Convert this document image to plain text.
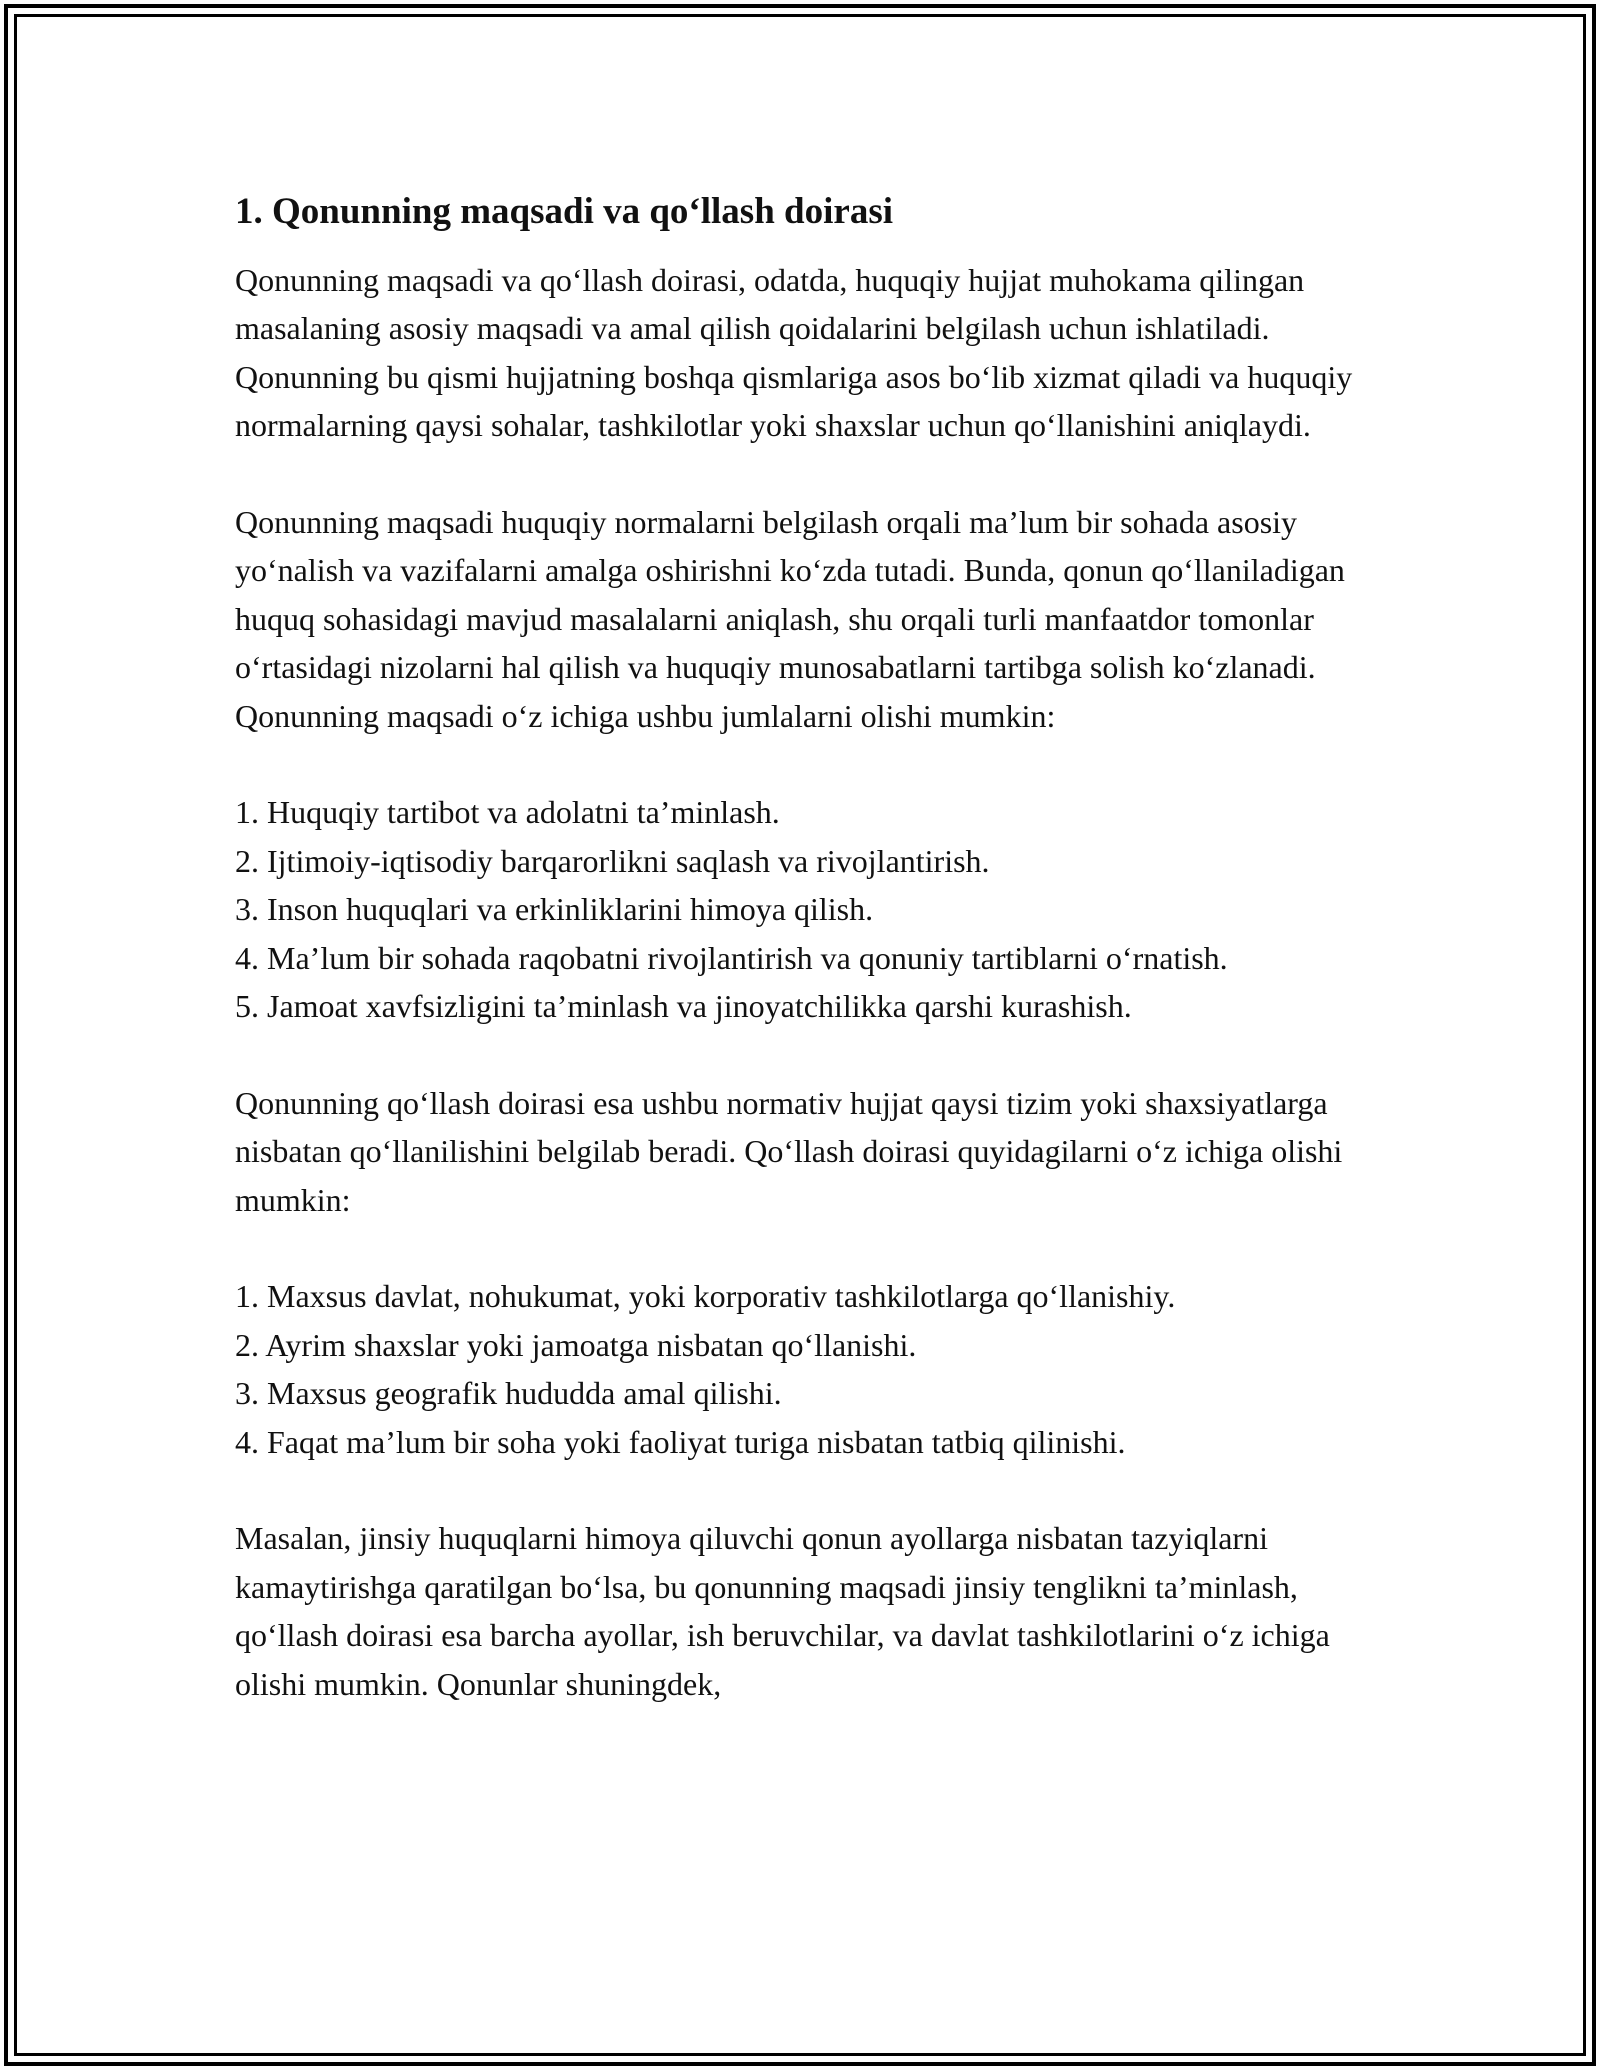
1. Qonunning maqsadi va qo‘llash doirasi

Qonunning maqsadi va qo‘llash doirasi, odatda, huquqiy hujjat muhokama qilingan masalaning asosiy maqsadi va amal qilish qoidalarini belgilash uchun ishlatiladi. Qonunning bu qismi hujjatning boshqa qismlariga asos bo‘lib xizmat qiladi va huquqiy normalarning qaysi sohalar, tashkilotlar yoki shaxslar uchun qo‘llanishini aniqlaydi.

Qonunning maqsadi huquqiy normalarni belgilash orqali ma’lum bir sohada asosiy yo‘nalish va vazifalarni amalga oshirishni ko‘zda tutadi. Bunda, qonun qo‘llaniladigan huquq sohasidagi mavjud masalalarni aniqlash, shu orqali turli manfaatdor tomonlar o‘rtasidagi nizolarni hal qilish va huquqiy munosabatlarni tartibga solish ko‘zlanadi. Qonunning maqsadi o‘z ichiga ushbu jumlalarni olishi mumkin:

1. Huquqiy tartibot va adolatni ta’minlash.
2. Ijtimoiy-iqtisodiy barqarorlikni saqlash va rivojlantirish.
3. Inson huquqlari va erkinliklarini himoya qilish.
4. Ma’lum bir sohada raqobatni rivojlantirish va qonuniy tartiblarni o‘rnatish.
5. Jamoat xavfsizligini ta’minlash va jinoyatchilikka qarshi kurashish.

Qonunning qo‘llash doirasi esa ushbu normativ hujjat qaysi tizim yoki shaxsiyatlarga nisbatan qo‘llanilishini belgilab beradi. Qo‘llash doirasi quyidagilarni o‘z ichiga olishi mumkin:

1. Maxsus davlat, nohukumat, yoki korporativ tashkilotlarga qo‘llanishiy.
2. Ayrim shaxslar yoki jamoatga nisbatan qo‘llanishi.
3. Maxsus geografik hududda amal qilishi.
4. Faqat ma’lum bir soha yoki faoliyat turiga nisbatan tatbiq qilinishi.

Masalan, jinsiy huquqlarni himoya qiluvchi qonun ayollarga nisbatan tazyiqlarni kamaytirishga qaratilgan bo‘lsa, bu qonunning maqsadi jinsiy tenglikni ta’minlash, qo‘llash doirasi esa barcha ayollar, ish beruvchilar, va davlat tashkilotlarini o‘z ichiga olishi mumkin. Qonunlar shuningdek,
